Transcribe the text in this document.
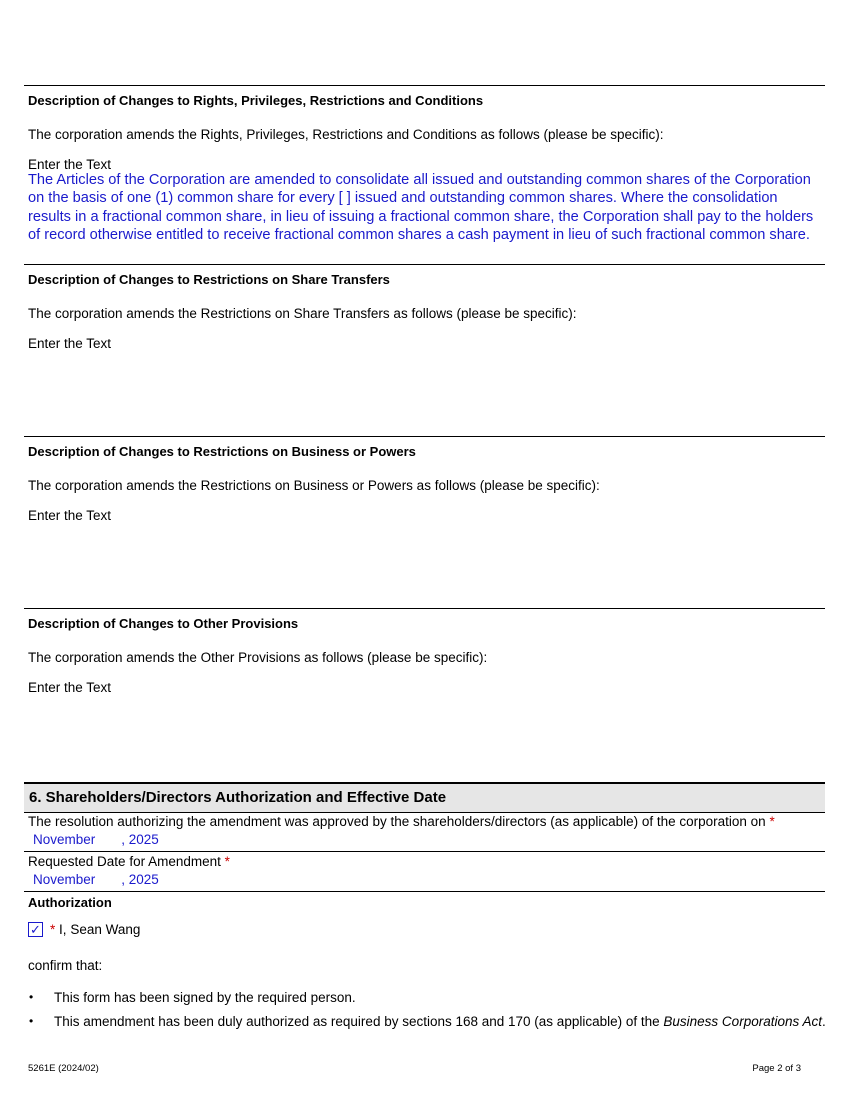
Description of Changes to Rights, Privileges, Restrictions and Conditions
The corporation amends the Rights, Privileges, Restrictions and Conditions as follows (please be specific):
Enter the Text
The Articles of the Corporation are amended to consolidate all issued and outstanding common shares of the Corporation on the basis of one (1) common share for every [ ] issued and outstanding common shares. Where the consolidation results in a fractional common share, in lieu of issuing a fractional common share, the Corporation shall pay to the holders of record otherwise entitled to receive fractional common shares a cash payment in lieu of such fractional common share.
Description of Changes to Restrictions on Share Transfers
The corporation amends the Restrictions on Share Transfers as follows (please be specific):
Enter the Text
Description of Changes to Restrictions on Business or Powers
The corporation amends the Restrictions on Business or Powers as follows (please be specific):
Enter the Text
Description of Changes to Other Provisions
The corporation amends the Other Provisions as follows (please be specific):
Enter the Text
6. Shareholders/Directors Authorization and Effective Date
The resolution authorizing the amendment was approved by the shareholders/directors (as applicable) of the corporation on *
November , 2025
Requested Date for Amendment *
November , 2025
Authorization
✓ * I, Sean Wang
confirm that:
• This form has been signed by the required person.
• This amendment has been duly authorized as required by sections 168 and 170 (as applicable) of the Business Corporations Act.
5261E (2024/02)	Page 2 of 3
